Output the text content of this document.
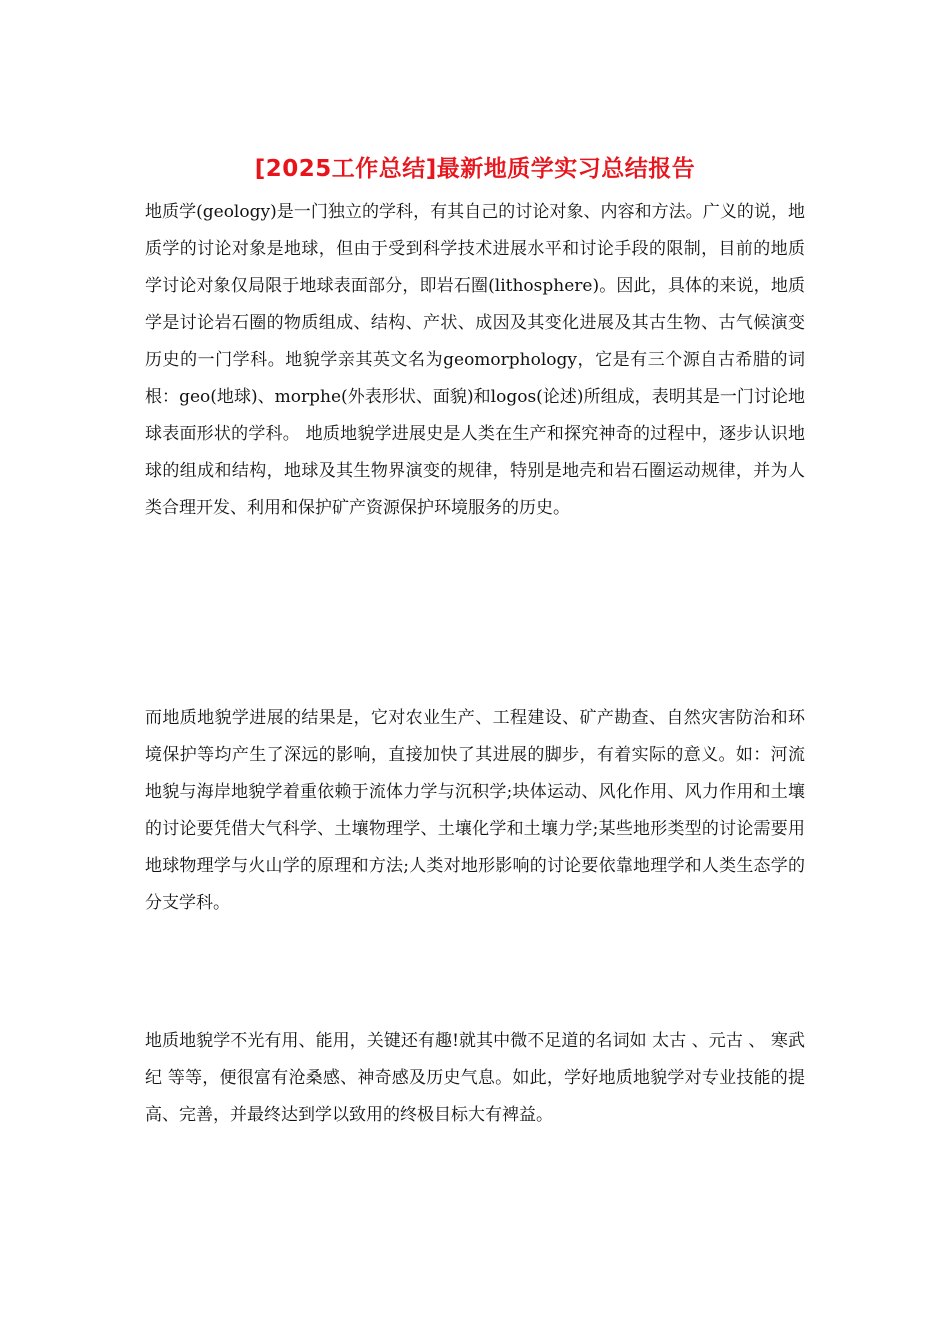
[2025工作总结]最新地质学实习总结报告

地质学(geology)是一门独立的学科，有其自己的讨论对象、内容和方法。广义的说，地质学的讨论对象是地球，但由于受到科学技术进展水平和讨论手段的限制，目前的地质学讨论对象仅局限于地球表面部分，即岩石圈(lithosphere)。因此，具体的来说，地质学是讨论岩石圈的物质组成、结构、产状、成因及其变化进展及其古生物、古气候演变历史的一门学科。地貌学亲其英文名为geomorphology，它是有三个源自古希腊的词根：geo(地球)、morphe(外表形状、面貌)和logos(论述)所组成，表明其是一门讨论地球表面形状的学科。 地质地貌学进展史是人类在生产和探究神奇的过程中，逐步认识地球的组成和结构，地球及其生物界演变的规律，特别是地壳和岩石圈运动规律，并为人类合理开发、利用和保护矿产资源保护环境服务的历史。

而地质地貌学进展的结果是，它对农业生产、工程建设、矿产勘查、自然灾害防治和环境保护等均产生了深远的影响，直接加快了其进展的脚步，有着实际的意义。如：河流地貌与海岸地貌学着重依赖于流体力学与沉积学;块体运动、风化作用、风力作用和土壤的讨论要凭借大气科学、土壤物理学、土壤化学和土壤力学;某些地形类型的讨论需要用地球物理学与火山学的原理和方法;人类对地形影响的讨论要依靠地理学和人类生态学的分支学科。

地质地貌学不光有用、能用，关键还有趣!就其中微不足道的名词如 太古 、元古 、 寒武纪 等等，便很富有沧桑感、神奇感及历史气息。如此，学好地质地貌学对专业技能的提高、完善，并最终达到学以致用的终极目标大有裨益。
